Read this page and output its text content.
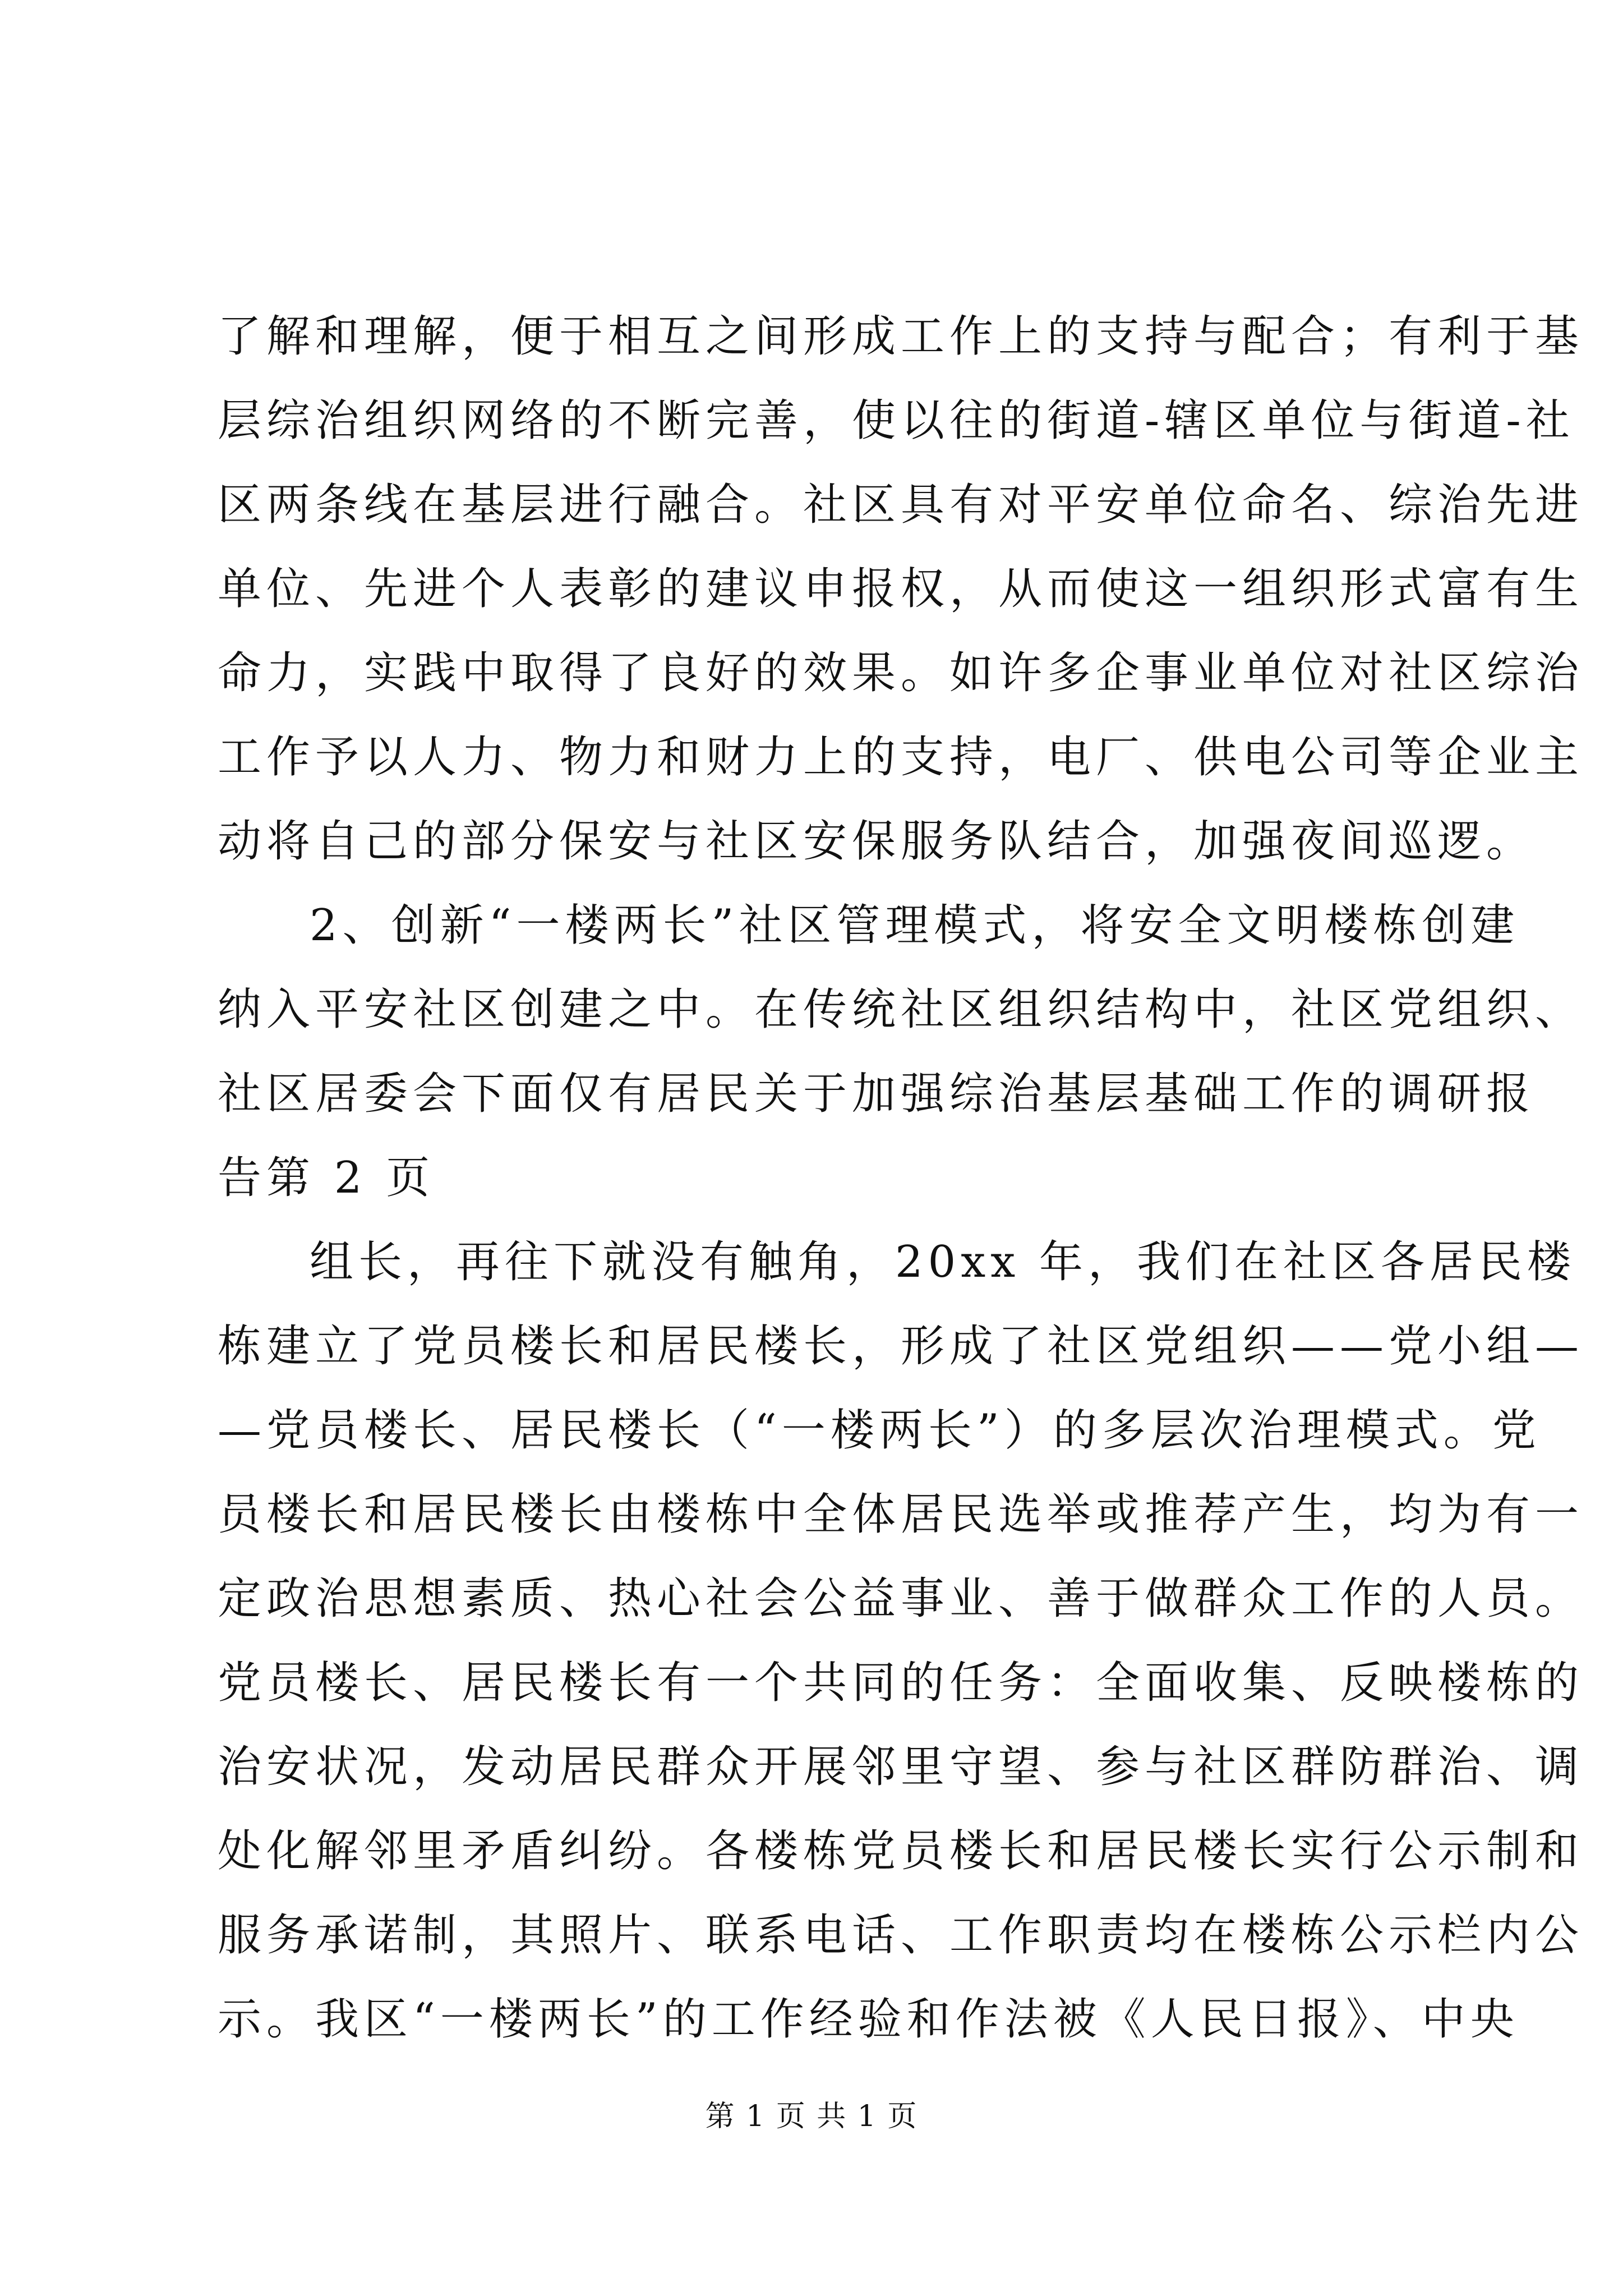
了解和理解，便于相互之间形成工作上的支持与配合；有利于基
层综治组织网络的不断完善，使以往的街道-辖区单位与街道-社
区两条线在基层进行融合。社区具有对平安单位命名、综治先进
单位、先进个人表彰的建议申报权，从而使这一组织形式富有生
命力，实践中取得了良好的效果。如许多企事业单位对社区综治
工作予以人力、物力和财力上的支持，电厂、供电公司等企业主
动将自己的部分保安与社区安保服务队结合，加强夜间巡逻。
2、创新“一楼两长”社区管理模式，将安全文明楼栋创建
纳入平安社区创建之中。在传统社区组织结构中，社区党组织、
社区居委会下面仅有居民关于加强综治基层基础工作的调研报
告第 2 页
组长，再往下就没有触角，20xx 年，我们在社区各居民楼
栋建立了党员楼长和居民楼长，形成了社区党组织——党小组—
—党员楼长、居民楼长（“一楼两长”）的多层次治理模式。党
员楼长和居民楼长由楼栋中全体居民选举或推荐产生，均为有一
定政治思想素质、热心社会公益事业、善于做群众工作的人员。
党员楼长、居民楼长有一个共同的任务：全面收集、反映楼栋的
治安状况，发动居民群众开展邻里守望、参与社区群防群治、调
处化解邻里矛盾纠纷。各楼栋党员楼长和居民楼长实行公示制和
服务承诺制，其照片、联系电话、工作职责均在楼栋公示栏内公
示。我区“一楼两长”的工作经验和作法被《人民日报》、中央
第 1 页 共 1 页
